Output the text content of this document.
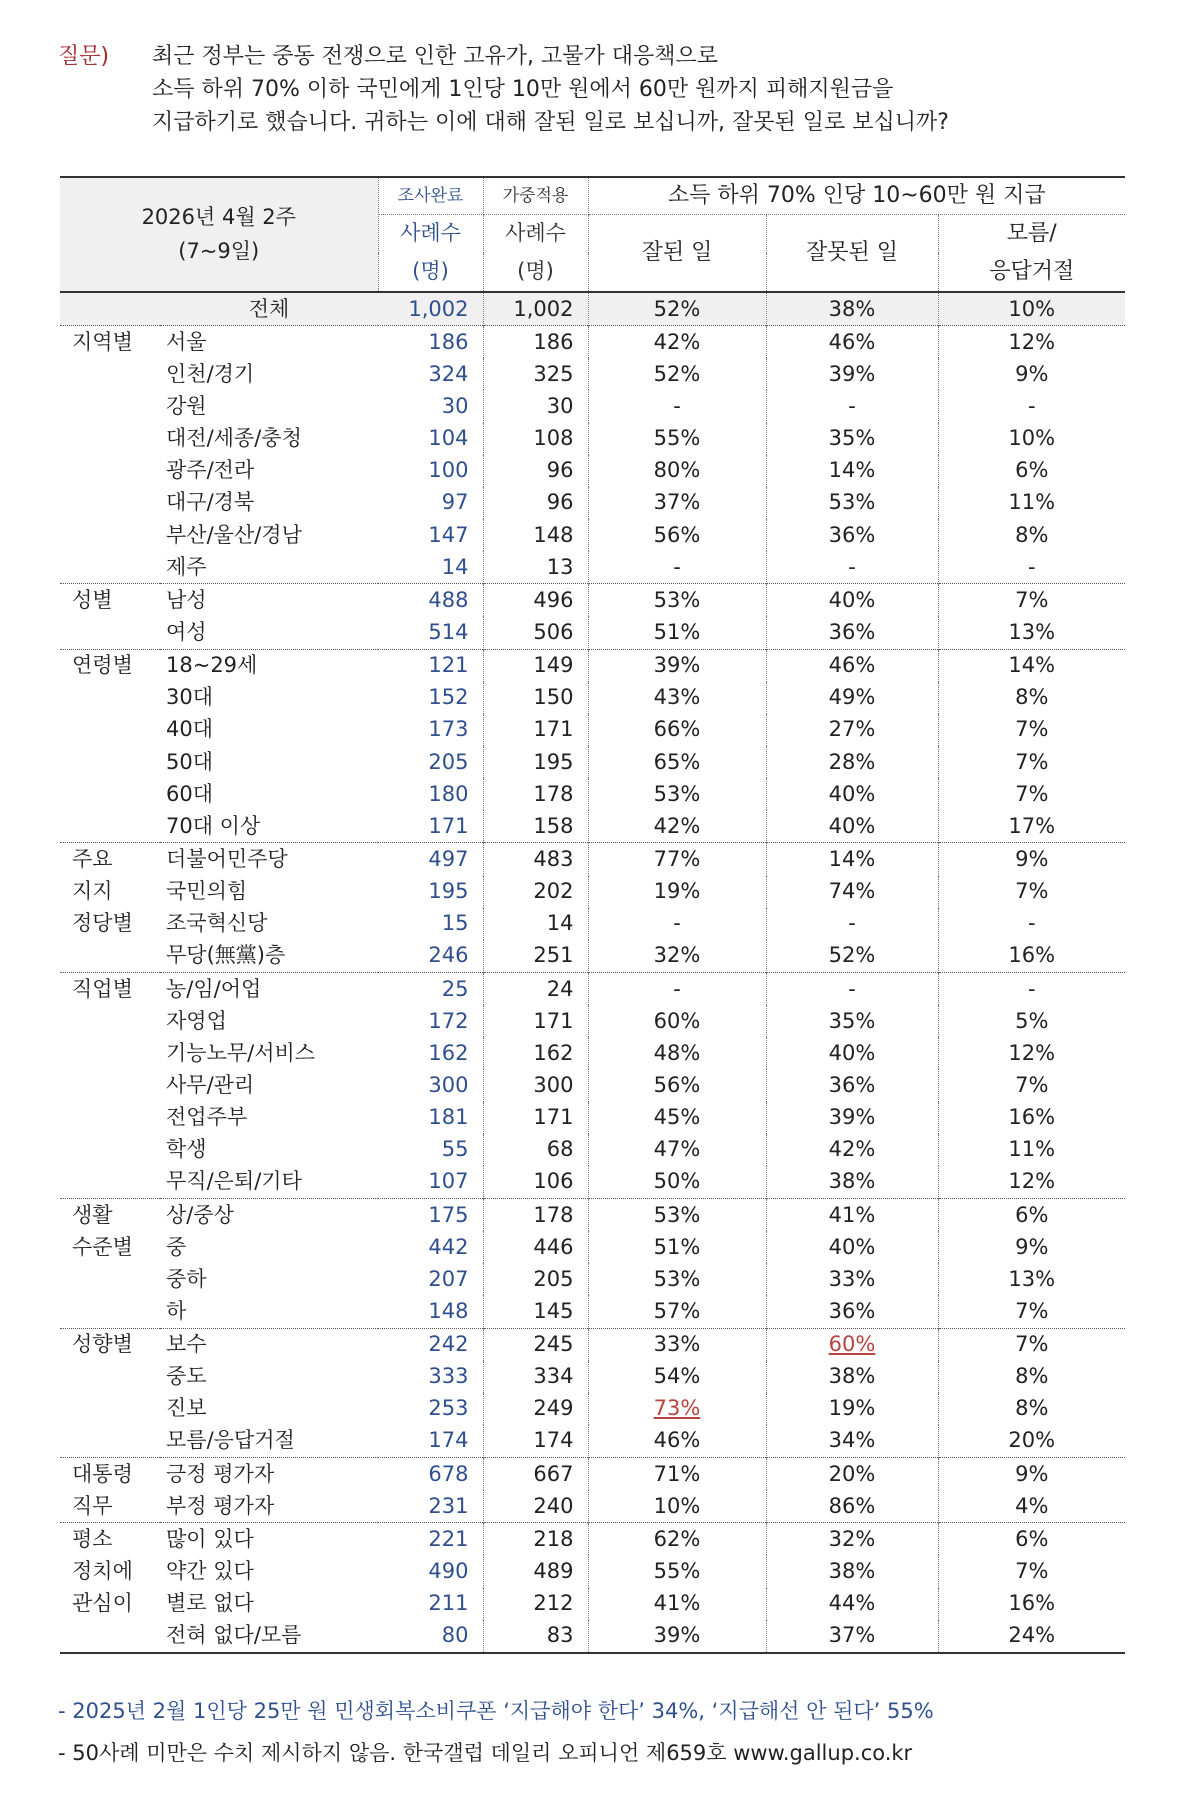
질문) 최근 정부는 중동 전쟁으로 인한 고유가, 고물가 대응책으로
소득 하위 70% 이하 국민에게 1인당 10만 원에서 60만 원까지 피해지원금을
지급하기로 했습니다. 귀하는 이에 대해 잘된 일로 보십니까, 잘못된 일로 보십니까?
2026년 4월 2주
(7~9일)		조사완료	가중적용	소득 하위 70% 인당 10~60만 원 지급		
		사례수	사례수	잘된 일	잘못된 일	모름/
응답거절

		(명)	(명)			
	전체	1,002	1,002	52%	38%	10%
지역별	서울	186	186	42%	46%	12%
	인천/경기	324	325	52%	39%	9%
	강원	30	30	-	-	-
	대전/세종/충청	104	108	55%	35%	10%
	광주/전라	100	96	80%	14%	6%
	대구/경북	97	96	37%	53%	11%
	부산/울산/경남	147	148	56%	36%	8%
	제주	14	13	-	-	-
성별	남성	488	496	53%	40%	7%
	여성	514	506	51%	36%	13%
연령별	18~29세	121	149	39%	46%	14%
	30대	152	150	43%	49%	8%
	40대	173	171	66%	27%	7%
	50대	205	195	65%	28%	7%
	60대	180	178	53%	40%	7%
	70대 이상	171	158	42%	40%	17%
주요	더불어민주당	497	483	77%	14%	9%
지지	국민의힘	195	202	19%	74%	7%
정당별	조국혁신당	15	14	-	-	-
	무당(無黨)층	246	251	32%	52%	16%
직업별	농/임/어업	25	24	-	-	-
	자영업	172	171	60%	35%	5%
	기능노무/서비스	162	162	48%	40%	12%
	사무/관리	300	300	56%	36%	7%
	전업주부	181	171	45%	39%	16%
	학생	55	68	47%	42%	11%
	무직/은퇴/기타	107	106	50%	38%	12%
생활	상/중상	175	178	53%	41%	6%
수준별	중	442	446	51%	40%	9%
	중하	207	205	53%	33%	13%
	하	148	145	57%	36%	7%
성향별	보수	242	245	33%	60%	7%
	중도	333	334	54%	38%	8%
	진보	253	249	73%	19%	8%
	모름/응답거절	174	174	46%	34%	20%
대통령	긍정 평가자	678	667	71%	20%	9%
직무	부정 평가자	231	240	10%	86%	4%
평소	많이 있다	221	218	62%	32%	6%
정치에	약간 있다	490	489	55%	38%	7%
관심이	별로 없다	211	212	41%	44%	16%
	전혀 없다/모름	80	83	39%	37%	24%
- 2025년 2월 1인당 25만 원 민생회복소비쿠폰 ‘지급해야 한다’ 34%, ‘지급해선 안 된다’ 55%
- 50사례 미만은 수치 제시하지 않음. 한국갤럽 데일리 오피니언 제659호 www.gallup.co.kr
